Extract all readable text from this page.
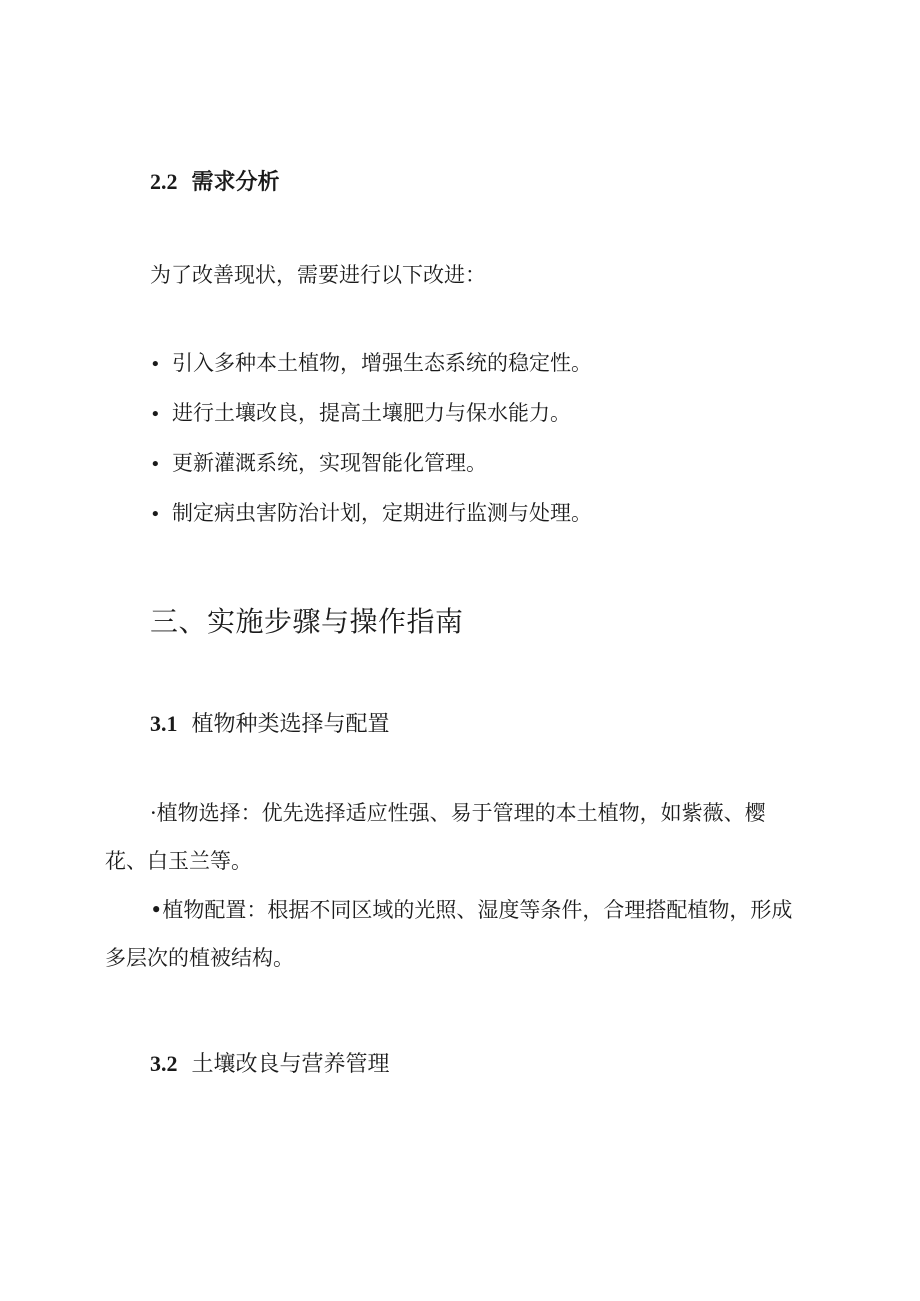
2.2 需求分析
为了改善现状，需要进行以下改进：
• 引入多种本土植物，增强生态系统的稳定性。
• 进行土壤改良，提高土壤肥力与保水能力。
• 更新灌溉系统，实现智能化管理。
• 制定病虫害防治计划，定期进行监测与处理。
三、实施步骤与操作指南
3.1 植物种类选择与配置

·植物选择：优先选择适应性强、易于管理的本土植物，如紫薇、樱花、白玉兰等。

•植物配置：根据不同区域的光照、湿度等条件，合理搭配植物，形成多层次的植被结构。

3.2 土壤改良与营养管理
